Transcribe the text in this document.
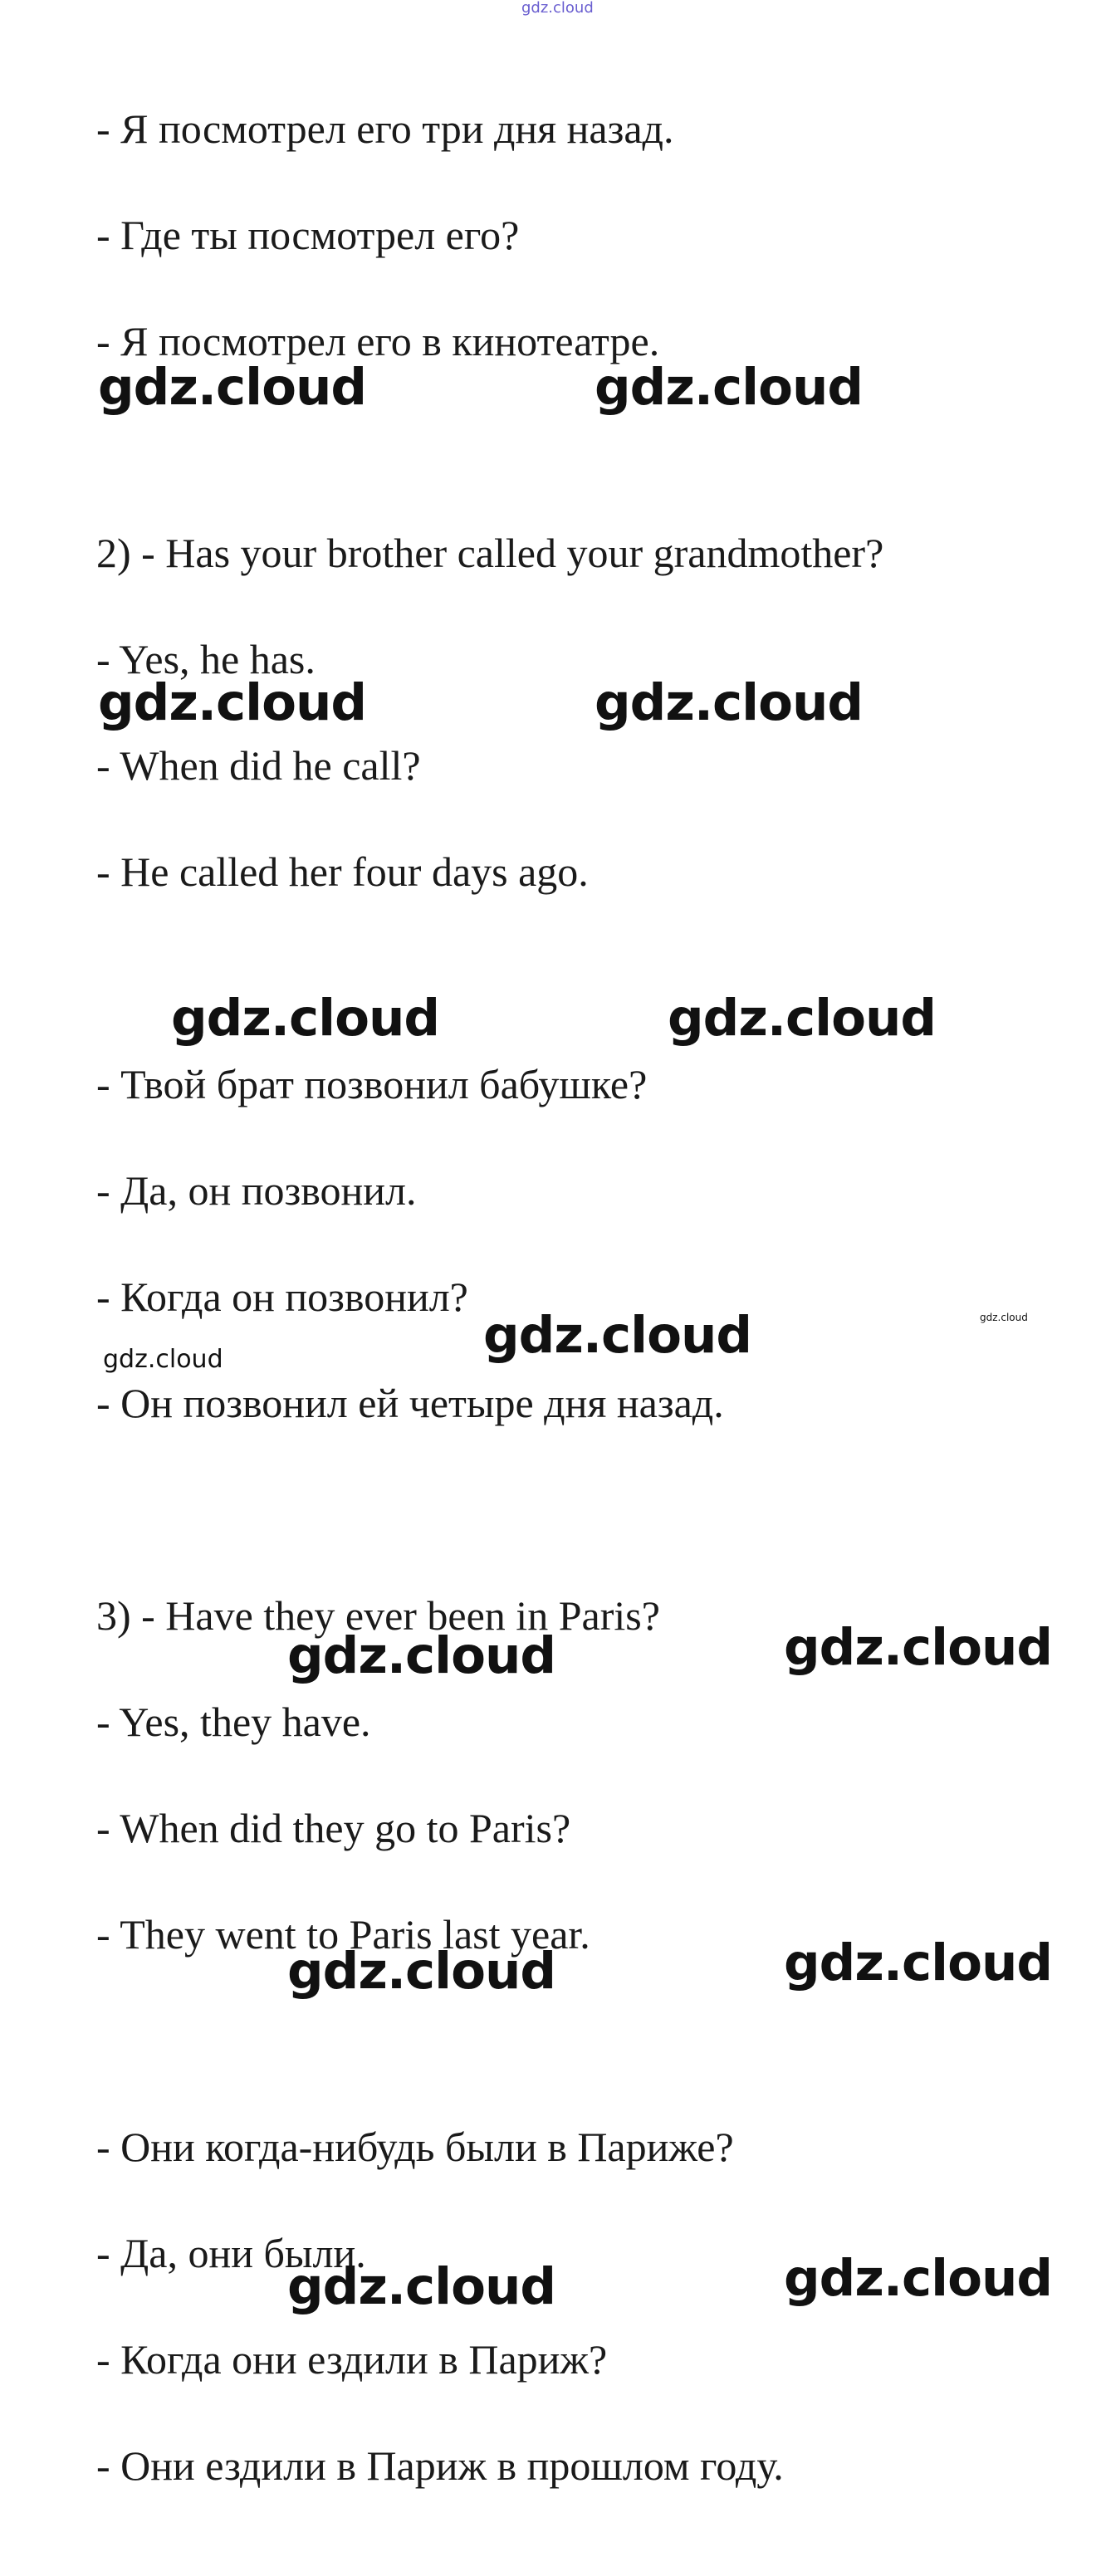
gdz.cloud

- Я посмотрел его три дня назад.

- Где ты посмотрел его?

- Я посмотрел его в кинотеатре.

gdz.cloud	gdz.cloud

2) - Has your brother called your grandmother?

- Yes, he has.

gdz.cloud	gdz.cloud

- When did he call?

- He called her four days ago.

gdz.cloud	gdz.cloud

- Твой брат позвонил бабушке?

- Да, он позвонил.

- Когда он позвонил?

gdz.cloud	gdz.cloud
gdz.cloud

- Он позвонил ей четыре дня назад.

3) - Have they ever been in Paris?

gdz.cloud	gdz.cloud

- Yes, they have.

- When did they go to Paris?

- They went to Paris last year.

gdz.cloud	gdz.cloud

- Они когда-нибудь были в Париже?

- Да, они были.

gdz.cloud	gdz.cloud

- Когда они ездили в Париж?

- Они ездили в Париж в прошлом году.
